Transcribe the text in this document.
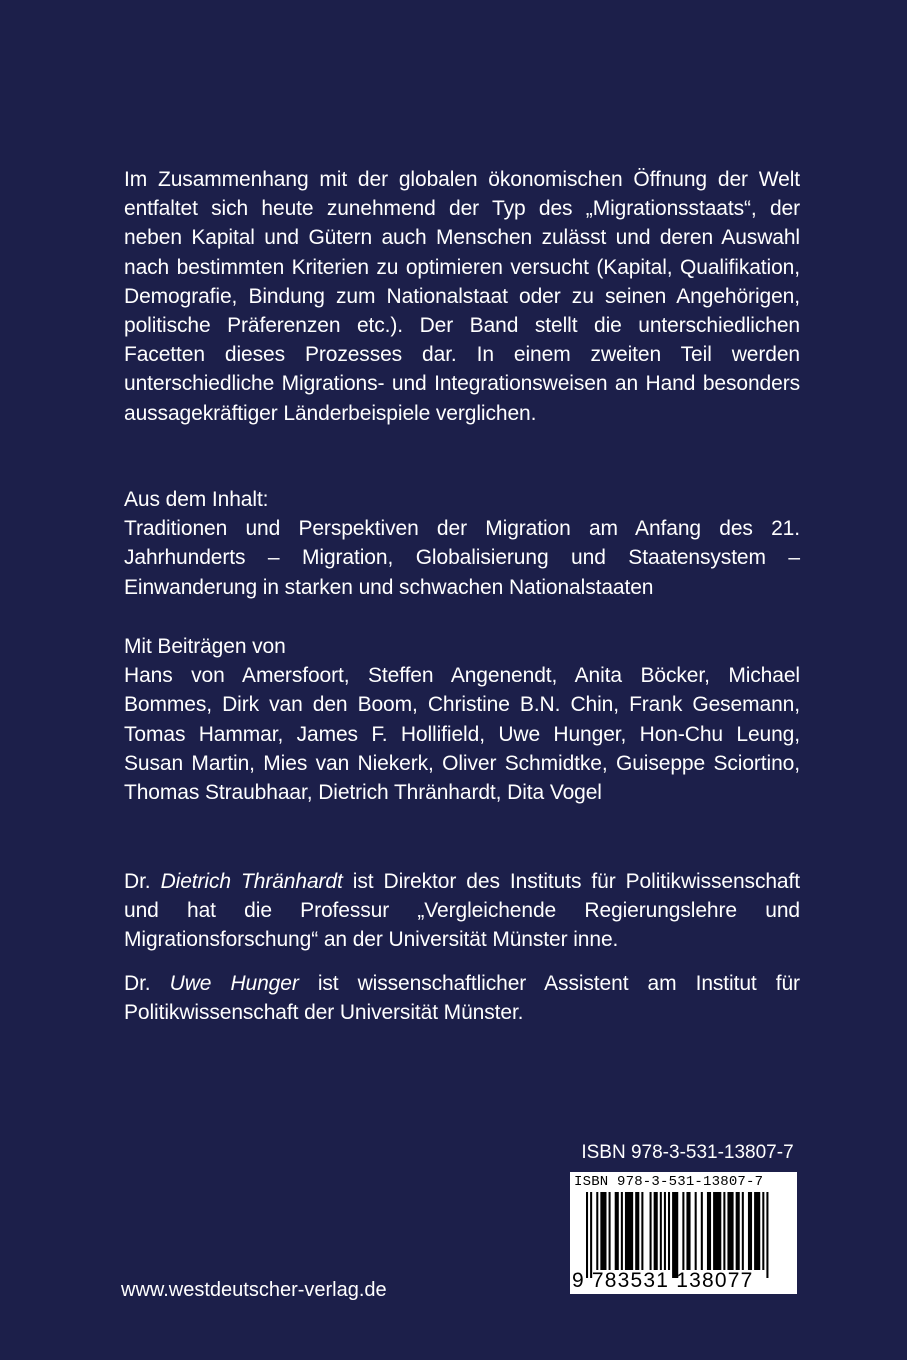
Im Zusammenhang mit der globalen ökonomischen Öffnung der Welt entfaltet sich heute zunehmend der Typ des „Migrationsstaats“, der neben Kapital und Gütern auch Menschen zulässt und deren Auswahl nach bestimmten Kriterien zu optimieren versucht (Kapital, Qualifikation, Demografie, Bindung zum Nationalstaat oder zu seinen Angehörigen, politische Präferenzen etc.). Der Band stellt die unterschiedlichen Facetten dieses Prozesses dar. In einem zweiten Teil werden unterschiedliche Migrations- und Integrationsweisen an Hand besonders aussagekräftiger Länderbeispiele verglichen.

Aus dem Inhalt:

Traditionen und Perspektiven der Migration am Anfang des 21. Jahrhunderts – Migration, Globalisierung und Staatensystem – Einwanderung in starken und schwachen Nationalstaaten

Mit Beiträgen von

Hans von Amersfoort, Steffen Angenendt, Anita Böcker, Michael Bommes, Dirk van den Boom, Christine B.N. Chin, Frank Gesemann, Tomas Hammar, James F. Hollifield, Uwe Hunger, Hon-Chu Leung, Susan Martin, Mies van Niekerk, Oliver Schmidtke, Guiseppe Sciortino, Thomas Straubhaar, Dietrich Thränhardt, Dita Vogel

Dr. Dietrich Thränhardt ist Direktor des Instituts für Politikwissenschaft und hat die Professur „Vergleichende Regierungslehre und Migrationsforschung“ an der Universität Münster inne.

Dr. Uwe Hunger ist wissenschaftlicher Assistent am Institut für Politikwissenschaft der Universität Münster.

ISBN 978-3-531-13807-7
ISBN 978-3-531-13807-7
9 783531 138077
www.westdeutscher-verlag.de
